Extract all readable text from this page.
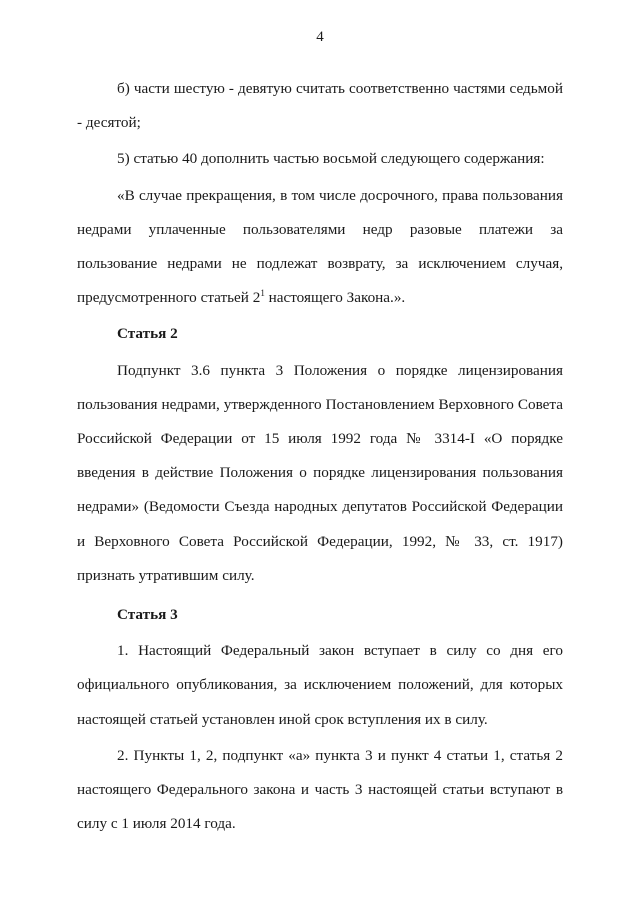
4

б) части шестую - девятую считать соответственно частями седьмой - десятой;

5) статью 40 дополнить частью восьмой следующего содержания:

«В случае прекращения, в том числе досрочного, права пользования недрами уплаченные пользователями недр разовые платежи за пользование недрами не подлежат возврату, за исключением случая, предусмотренного статьей $2^1$ настоящего Закона.».

Статья 2

Подпункт 3.6 пункта 3 Положения о порядке лицензирования пользования недрами, утвержденного Постановлением Верховного Совета Российской Федерации от 15 июля 1992 года № 3314-I «О порядке введения в действие Положения о порядке лицензирования пользования недрами» (Ведомости Съезда народных депутатов Российской Федерации и Верховного Совета Российской Федерации, 1992, № 33, ст. 1917) признать утратившим силу.

Статья 3

1. Настоящий Федеральный закон вступает в силу со дня его официального опубликования, за исключением положений, для которых настоящей статьей установлен иной срок вступления их в силу.

2. Пункты 1, 2, подпункт «а» пункта 3 и пункт 4 статьи 1, статья 2 настоящего Федерального закона и часть 3 настоящей статьи вступают в силу с 1 июля 2014 года.
